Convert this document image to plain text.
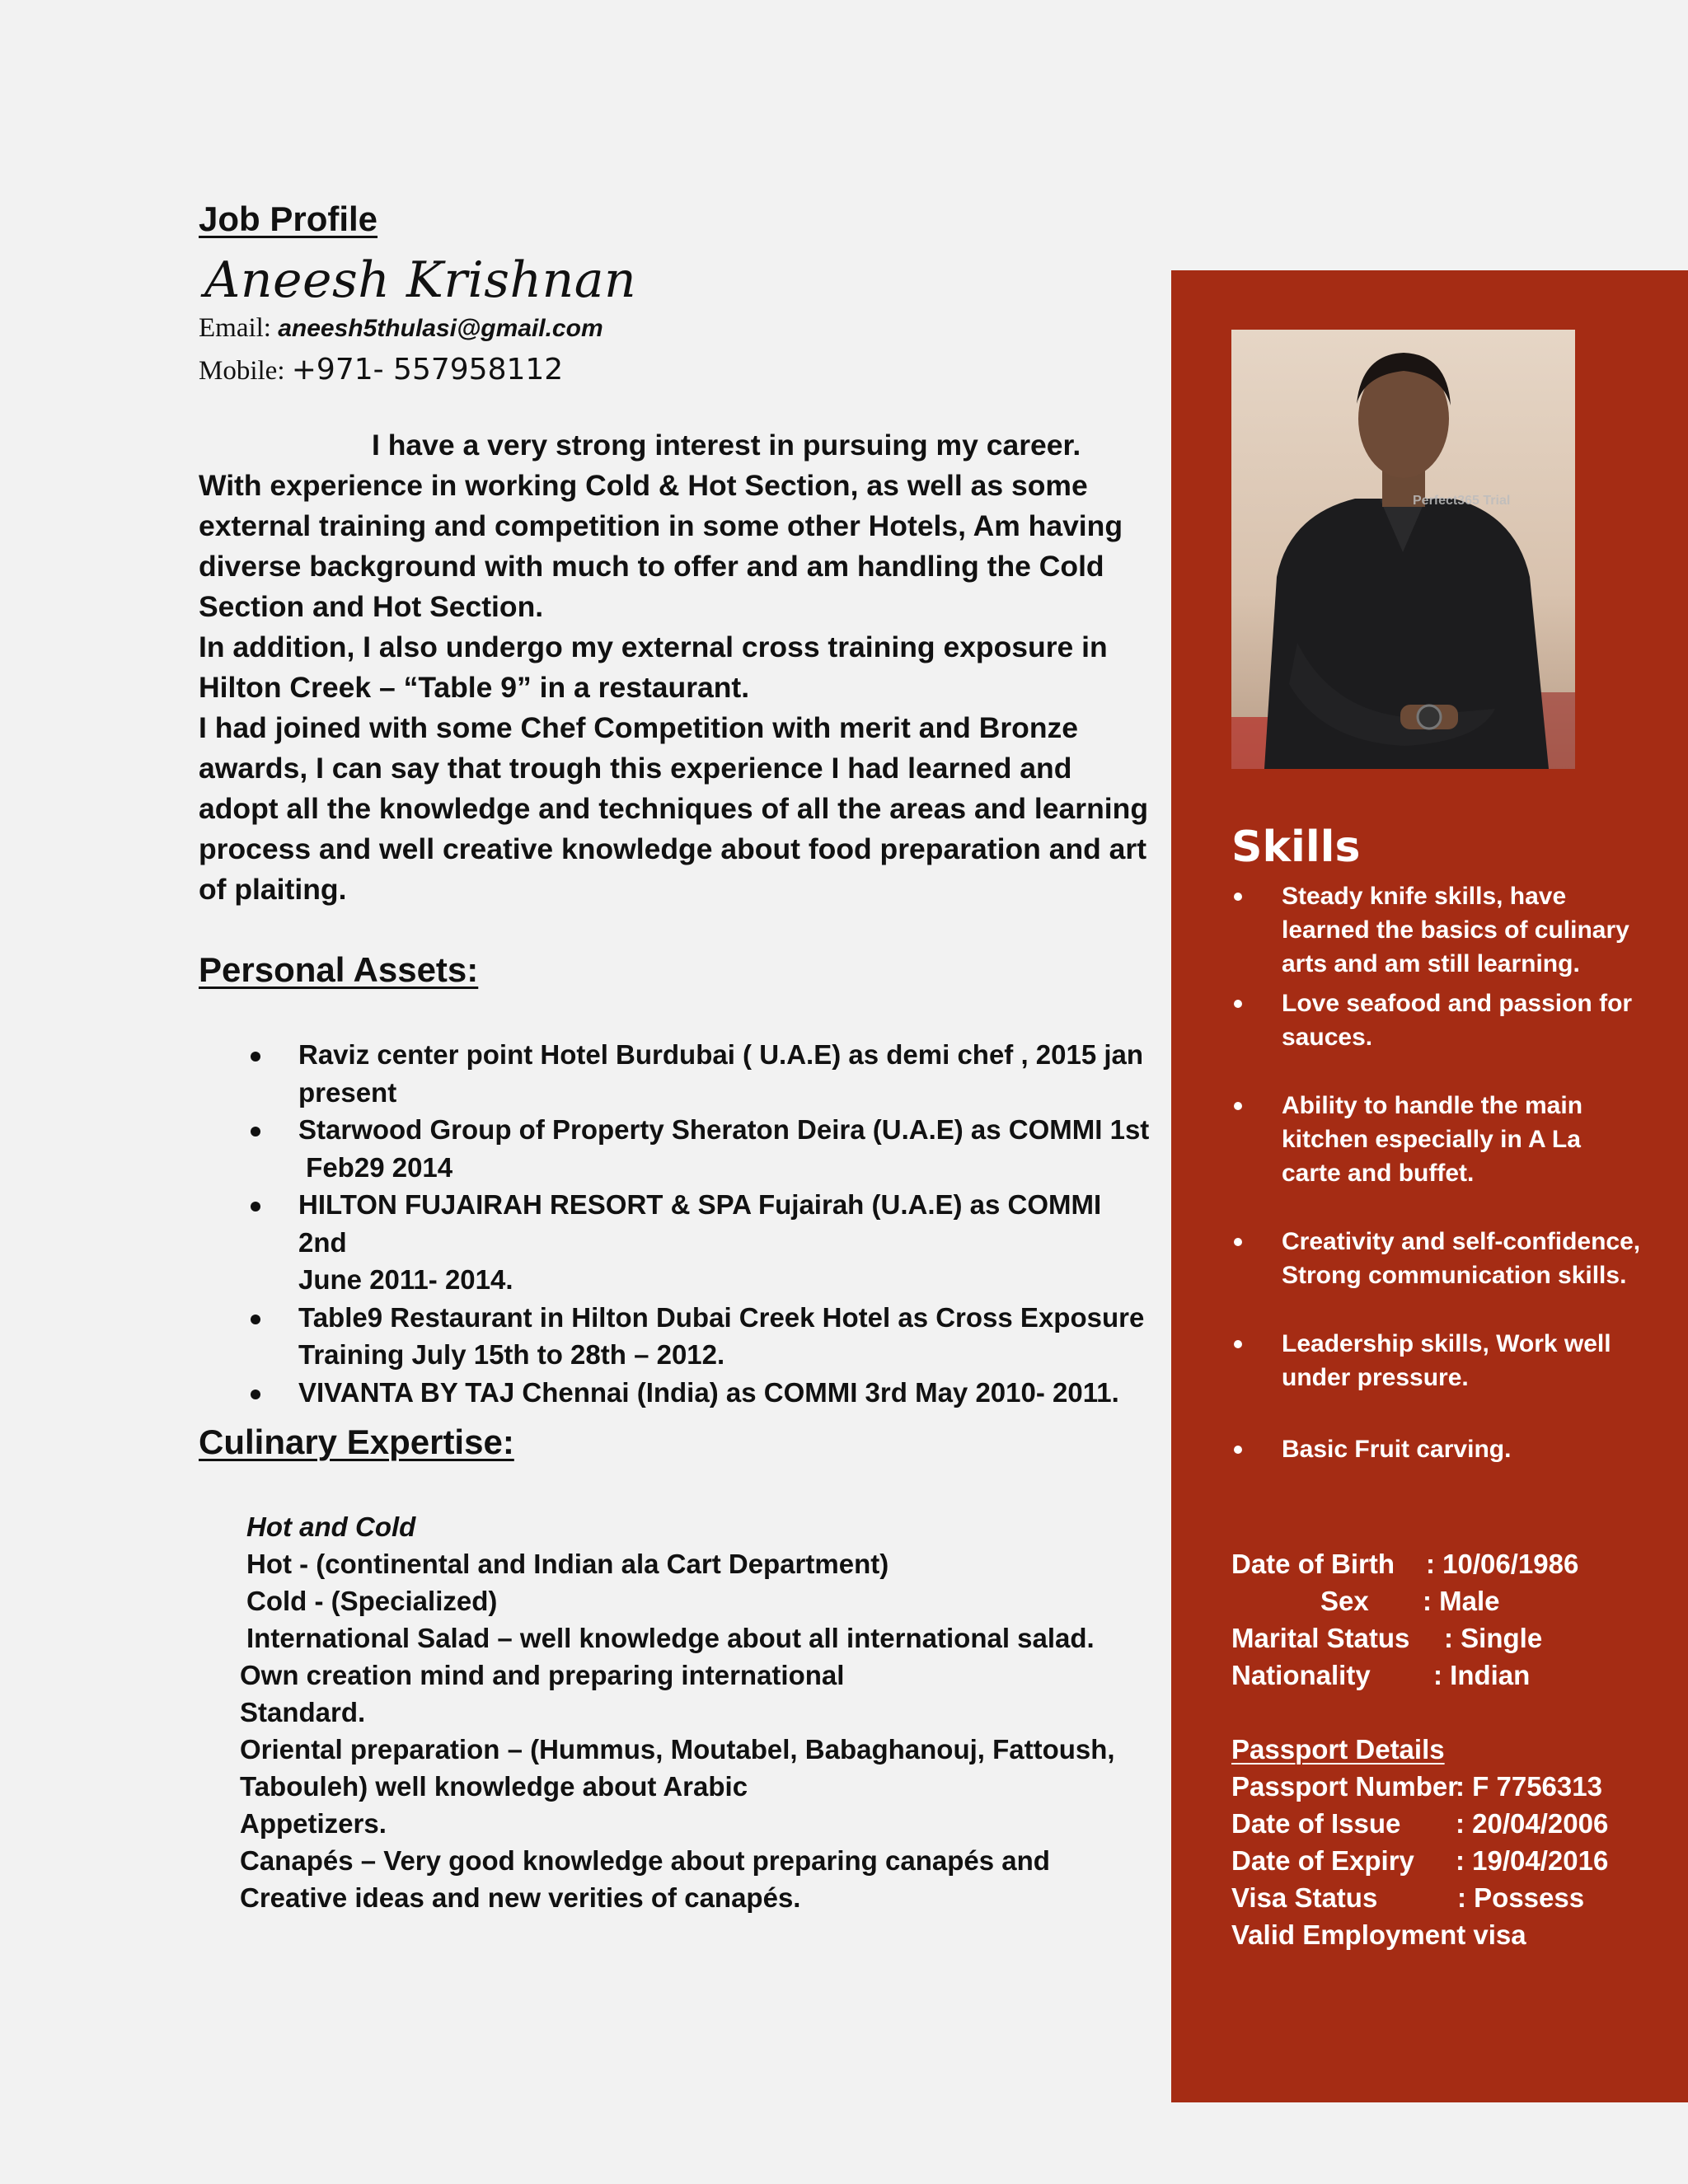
Job Profile
Aneesh Krishnan
Email: aneesh5thulasi@gmail.com
Mobile: +971- 557958112

I have a very strong interest in pursuing my career. With experience in working Cold & Hot Section, as well as some external training and competition in some other Hotels, Am having diverse background with much to offer and am handling the Cold Section and Hot Section.

In addition, I also undergo my external cross training exposure in Hilton Creek – “Table 9” in a restaurant.

I had joined with some Chef Competition with merit and Bronze awards, I can say that trough this experience I had learned and adopt all the knowledge and techniques of all the areas and learning process and well creative knowledge about food preparation and art of plaiting.

Personal Assets:
Raviz center point Hotel Burdubai ( U.A.E) as demi chef , 2015 jan
present
Starwood Group of Property Sheraton Deira (U.A.E) as COMMI 1st
Feb29 2014
HILTON FUJAIRAH RESORT & SPA Fujairah (U.A.E) as COMMI 2nd
June 2011- 2014.
Table9 Restaurant in Hilton Dubai Creek Hotel as Cross Exposure
Training July 15th to 28th – 2012.
VIVANTA BY TAJ Chennai (India) as COMMI 3rd May 2010- 2011.
Culinary Expertise:
Hot and Cold
Hot - (continental and Indian ala Cart Department)
Cold - (Specialized)
International Salad – well knowledge about all international salad.
Own creation mind and preparing international
Standard.
Oriental preparation – (Hummus, Moutabel, Babaghanouj, Fattoush,
Tabouleh) well knowledge about Arabic
Appetizers.
Canapés – Very good knowledge about preparing canapés and
Creative ideas and new verities of canapés.
Perfect365 Trial
Skills
Steady knife skills, have learned the basics of culinary arts and am still learning.
Love seafood and passion for sauces.
Ability to handle the main kitchen especially in A La carte and buffet.
Creativity and self-confidence, Strong communication skills.
Leadership skills, Work well under pressure.
Basic Fruit carving.
Date of Birth : 10/06/1986
Sex : Male
Marital Status : Single
Nationality : Indian
Passport Details
Passport Number
: F 7756313
Date of Issue : 20/04/2006
Date of Expiry : 19/04/2016
Visa Status	: Possess
Valid Employment visa
